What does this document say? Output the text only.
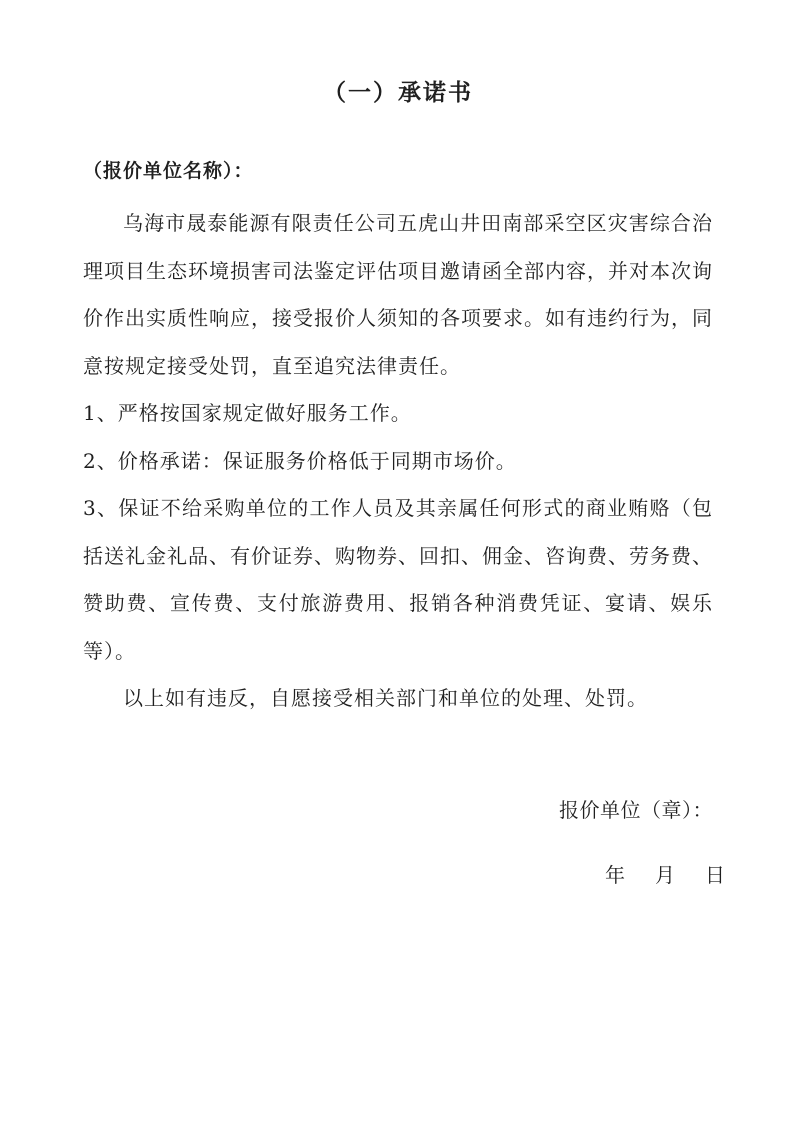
（一）承诺书
（报价单位名称）：

乌海市晟泰能源有限责任公司五虎山井田南部采空区灾害综合治理项目生态环境损害司法鉴定评估项目邀请函全部内容，并对本次询价作出实质性响应，接受报价人须知的各项要求。如有违约行为，同意按规定接受处罚，直至追究法律责任。

1、严格按国家规定做好服务工作。

2、价格承诺：保证服务价格低于同期市场价。

3、保证不给采购单位的工作人员及其亲属任何形式的商业贿赂（包括送礼金礼品、有价证券、购物券、回扣、佣金、咨询费、劳务费、赞助费、宣传费、支付旅游费用、报销各种消费凭证、宴请、娱乐等）。

以上如有违反，自愿接受相关部门和单位的处理、处罚。

报价单位（章）：
年　月　日
